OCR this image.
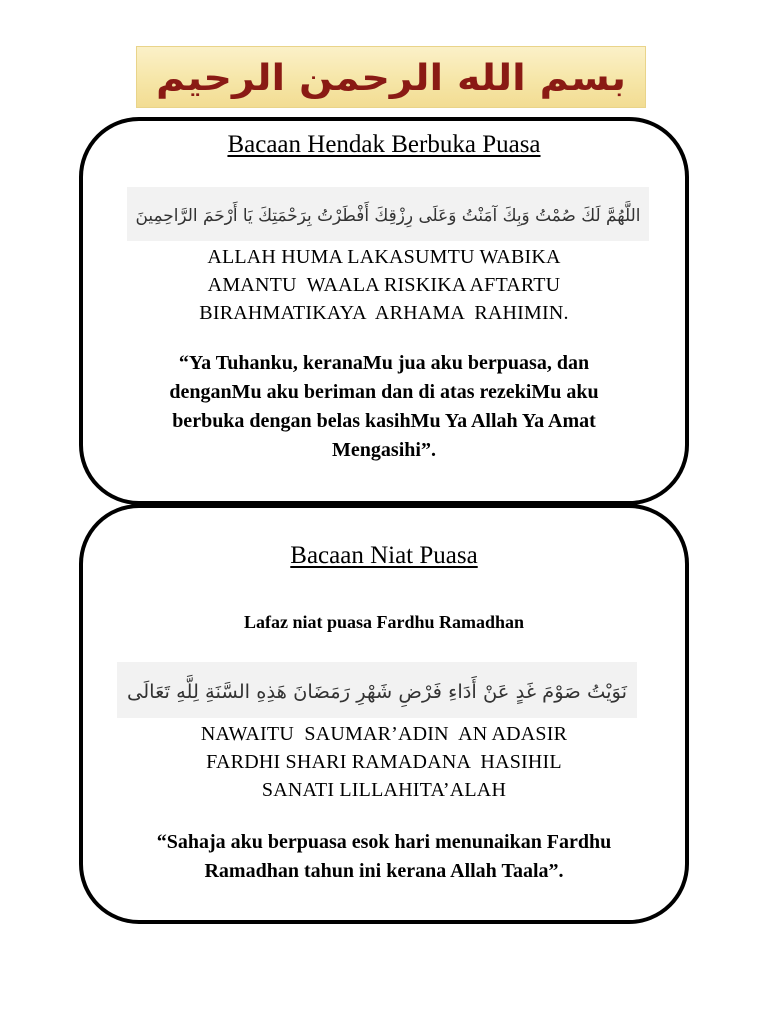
بسم الله الرحمن الرحيم
Bacaan Hendak Berbuka Puasa
اللَّهُمَّ لَكَ صُمْتُ وَبِكَ آمَنْتُ وَعَلَى رِزْقِكَ أَفْطَرْتُ بِرَحْمَتِكَ يَا أَرْحَمَ الرَّاحِمِينَ
ALLAH HUMA LAKASUMTU WABIKA
AMANTU  WAALA RISKIKA AFTARTU
BIRAHMATIKAYA  ARHAMA  RAHIMIN.
“Ya Tuhanku, keranaMu jua aku berpuasa, dan
denganMu aku beriman dan di atas rezekiMu aku
berbuka dengan belas kasihMu Ya Allah Ya Amat
Mengasihi”.
Bacaan Niat Puasa
Lafaz niat puasa Fardhu Ramadhan
نَوَيْتُ صَوْمَ غَدٍ عَنْ أَدَاءِ فَرْضِ شَهْرِ رَمَضَانَ هَذِهِ السَّنَةِ لِلَّهِ تَعَالَى
NAWAITU  SAUMAR’ADIN  AN ADASIR
FARDHI SHARI RAMADANA  HASIHIL
SANATI LILLAHITA’ALAH
“Sahaja aku berpuasa esok hari menunaikan Fardhu
Ramadhan tahun ini kerana Allah Taala”.
